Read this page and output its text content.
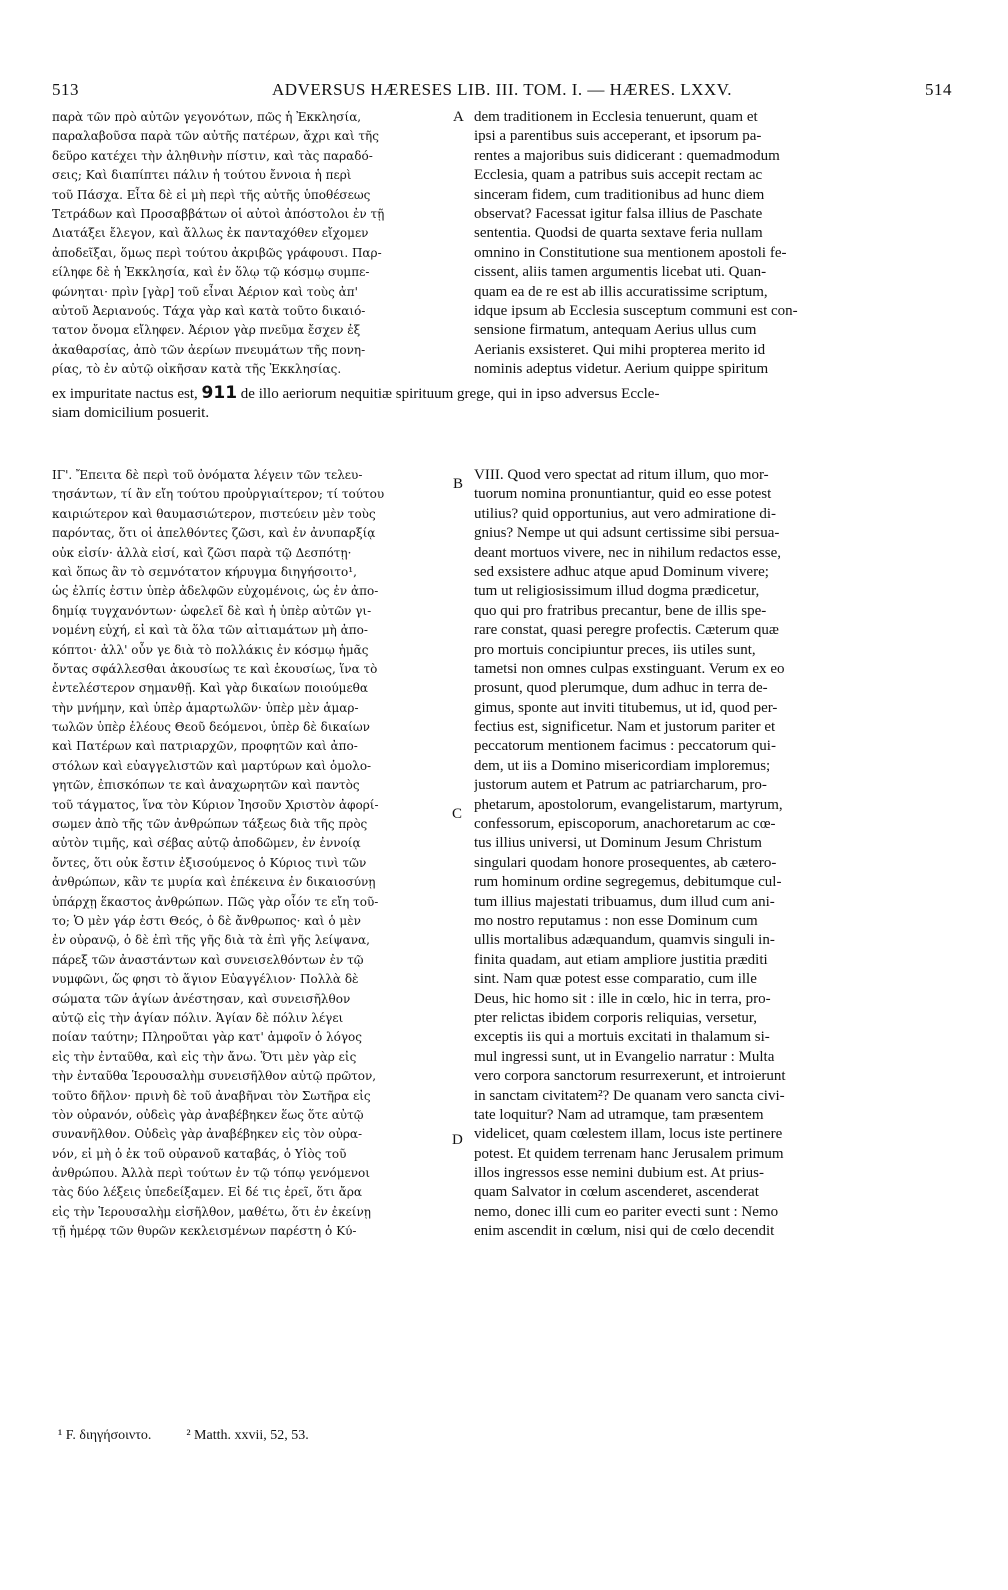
513	ADVERSUS HÆRESES LIB. III. TOM. I. — HÆRES. LXXV.	514
παρὰ τῶν πρὸ αὐτῶν γεγονότων, πῶς ἡ Ἐκκλησία,
παραλαβοῦσα παρὰ τῶν αὐτῆς πατέρων, ἄχρι καὶ τῆς
δεῦρο κατέχει τὴν ἀληθινὴν πίστιν, καὶ τὰς παραδό-
σεις; Καὶ διαπίπτει πάλιν ἡ τούτου ἔννοια ἡ περὶ
τοῦ Πάσχα. Εἶτα δὲ εἰ μὴ περὶ τῆς αὐτῆς ὑποθέσεως
Τετράδων καὶ Προσαββάτων οἱ αὐτοὶ ἀπόστολοι ἐν τῇ
Διατάξει ἔλεγον, καὶ ἄλλως ἐκ πανταχόθεν εἴχομεν
ἀποδεῖξαι, ὅμως περὶ τούτου ἀκριβῶς γράφουσι. Παρ-
είληφε δὲ ἡ Ἐκκλησία, καὶ ἐν ὅλῳ τῷ κόσμῳ συμπε-
φώνηται· πρὶν [γὰρ] τοῦ εἶναι Ἀέριον καὶ τοὺς ἀπ'
αὐτοῦ Ἀεριανούς. Τάχα γὰρ καὶ κατὰ τοῦτο δικαιό-
τατον ὄνομα εἴληφεν. Ἀέριον γὰρ πνεῦμα ἔσχεν ἐξ
ἀκαθαρσίας, ἀπὸ τῶν ἀερίων πνευμάτων τῆς πονη-
ρίας, τὸ ἐν αὐτῷ οἰκῆσαν κατὰ τῆς Ἐκκλησίας.
dem traditionem in Ecclesia tenuerunt, quam et
ipsi a parentibus suis acceperant, et ipsorum pa-
rentes a majoribus suis didicerant : quemadmodum
Ecclesia, quam a patribus suis accepit rectam ac
sinceram fidem, cum traditionibus ad hunc diem
observat? Facessat igitur falsa illius de Paschate
sententia. Quodsi de quarta sextave feria nullam
omnino in Constitutione sua mentionem apostoli fe-
cissent, aliis tamen argumentis licebat uti. Quan-
quam ea de re est ab illis accuratissime scriptum,
idque ipsum ab Ecclesia susceptum communi est con-
sensione firmatum, antequam Aerius ullus cum
Aerianis exsisteret. Qui mihi propterea merito id
nominis adeptus videtur. Aerium quippe spiritum
A
ex impuritate nactus est, 911 de illo aeriorum nequitiæ spirituum grege, qui in ipso adversus Eccle-
siam domicilium posuerit.
B
C
D
ΙΓ'. Ἔπειτα δὲ περὶ τοῦ ὀνόματα λέγειν τῶν τελευ-
τησάντων, τί ἂν εἴη τούτου προὐργιαίτερον; τί τούτου
καιριώτερον καὶ θαυμασιώτερον, πιστεύειν μὲν τοὺς
παρόντας, ὅτι οἱ ἀπελθόντες ζῶσι, καὶ ἐν ἀνυπαρξίᾳ
οὐκ εἰσίν· ἀλλὰ εἰσί, καὶ ζῶσι παρὰ τῷ Δεσπότῃ·
καὶ ὅπως ἂν τὸ σεμνότατον κήρυγμα διηγήσοιτο¹,
ὡς ἐλπίς ἐστιν ὑπὲρ ἀδελφῶν εὐχομένοις, ὡς ἐν ἀπο-
δημίᾳ τυγχανόντων· ὠφελεῖ δὲ καὶ ἡ ὑπὲρ αὐτῶν γι-
νομένη εὐχή, εἰ καὶ τὰ ὅλα τῶν αἰτιαμάτων μὴ ἀπο-
κόπτοι· ἀλλ' οὖν γε διὰ τὸ πολλάκις ἐν κόσμῳ ἡμᾶς
ὄντας σφάλλεσθαι ἀκουσίως τε καὶ ἑκουσίως, ἵνα τὸ
ἐντελέστερον σημανθῇ. Καὶ γὰρ δικαίων ποιούμεθα
τὴν μνήμην, καὶ ὑπὲρ ἁμαρτωλῶν· ὑπὲρ μὲν ἁμαρ-
τωλῶν ὑπὲρ ἐλέους Θεοῦ δεόμενοι, ὑπὲρ δὲ δικαίων
καὶ Πατέρων καὶ πατριαρχῶν, προφητῶν καὶ ἀπο-
στόλων καὶ εὐαγγελιστῶν καὶ μαρτύρων καὶ ὁμολο-
γητῶν, ἐπισκόπων τε καὶ ἀναχωρητῶν καὶ παντὸς
τοῦ τάγματος, ἵνα τὸν Κύριον Ἰησοῦν Χριστὸν ἀφορί-
σωμεν ἀπὸ τῆς τῶν ἀνθρώπων τάξεως διὰ τῆς πρὸς
αὐτὸν τιμῆς, καὶ σέβας αὐτῷ ἀποδῶμεν, ἐν ἐννοίᾳ
ὄντες, ὅτι οὐκ ἔστιν ἐξισούμενος ὁ Κύριος τινὶ τῶν
ἀνθρώπων, κἂν τε μυρία καὶ ἐπέκεινα ἐν δικαιοσύνῃ
ὑπάρχῃ ἕκαστος ἀνθρώπων. Πῶς γὰρ οἷόν τε εἴη τοῦ-
το; Ὁ μὲν γάρ ἐστι Θεός, ὁ δὲ ἄνθρωπος· καὶ ὁ μὲν
ἐν οὐρανῷ, ὁ δὲ ἐπὶ τῆς γῆς διὰ τὰ ἐπὶ γῆς λείψανα,
πάρεξ τῶν ἀναστάντων καὶ συνεισελθόντων ἐν τῷ
νυμφῶνι, ὥς φησι τὸ ἅγιον Εὐαγγέλιον· Πολλὰ δὲ
σώματα τῶν ἁγίων ἀνέστησαν, καὶ συνεισῆλθον
αὐτῷ εἰς τὴν ἁγίαν πόλιν. Ἁγίαν δὲ πόλιν λέγει
ποίαν ταύτην; Πληροῦται γὰρ κατ' ἀμφοῖν ὁ λόγος
εἰς τὴν ἐνταῦθα, καὶ εἰς τὴν ἄνω. Ὅτι μὲν γὰρ εἰς
τὴν ἐνταῦθα Ἱερουσαλὴμ συνεισῆλθον αὐτῷ πρῶτον,
τοῦτο δῆλον· πρινὴ δὲ τοῦ ἀναβῆναι τὸν Σωτῆρα εἰς
τὸν οὐρανόν, οὐδεὶς γὰρ ἀναβέβηκεν ἕως ὅτε αὐτῷ
συνανῆλθον. Οὐδεὶς γὰρ ἀναβέβηκεν εἰς τὸν οὐρα-
νόν, εἰ μὴ ὁ ἐκ τοῦ οὐρανοῦ καταβάς, ὁ Υἱὸς τοῦ
ἀνθρώπου. Ἀλλὰ περὶ τούτων ἐν τῷ τόπῳ γενόμενοι
τὰς δύο λέξεις ὑπεδείξαμεν. Εἰ δέ τις ἐρεῖ, ὅτι ἄρα
εἰς τὴν Ἱερουσαλὴμ εἰσῆλθον, μαθέτω, ὅτι ἐν ἐκείνῃ
τῇ ἡμέρᾳ τῶν θυρῶν κεκλεισμένων παρέστη ὁ Κύ-
VIII. Quod vero spectat ad ritum illum, quo mor-
tuorum nomina pronuntiantur, quid eo esse potest
utilius? quid opportunius, aut vero admiratione di-
gnius? Nempe ut qui adsunt certissime sibi persua-
deant mortuos vivere, nec in nihilum redactos esse,
sed exsistere adhuc atque apud Dominum vivere;
tum ut religiosissimum illud dogma prædicetur,
quo qui pro fratribus precantur, bene de illis spe-
rare constat, quasi peregre profectis. Cæterum quæ
pro mortuis concipiuntur preces, iis utiles sunt,
tametsi non omnes culpas exstinguant. Verum ex eo
prosunt, quod plerumque, dum adhuc in terra de-
gimus, sponte aut inviti titubemus, ut id, quod per-
fectius est, significetur. Nam et justorum pariter et
peccatorum mentionem facimus : peccatorum qui-
dem, ut iis a Domino misericordiam imploremus;
justorum autem et Patrum ac patriarcharum, pro-
phetarum, apostolorum, evangelistarum, martyrum,
confessorum, episcoporum, anachoretarum ac cœ-
tus illius universi, ut Dominum Jesum Christum
singulari quodam honore prosequentes, ab cætero-
rum hominum ordine segregemus, debitumque cul-
tum illius majestati tribuamus, dum illud cum ani-
mo nostro reputamus : non esse Dominum cum
ullis mortalibus adæquandum, quamvis singuli in-
finita quadam, aut etiam ampliore justitia præditi
sint. Nam quæ potest esse comparatio, cum ille
Deus, hic homo sit : ille in cœlo, hic in terra, pro-
pter relictas ibidem corporis reliquias, versetur,
exceptis iis qui a mortuis excitati in thalamum si-
mul ingressi sunt, ut in Evangelio narratur : Multa
vero corpora sanctorum resurrexerunt, et introierunt
in sanctam civitatem²? De quanam vero sancta civi-
tate loquitur? Nam ad utramque, tam præsentem
videlicet, quam cœlestem illam, locus iste pertinere
potest. Et quidem terrenam hanc Jerusalem primum
illos ingressos esse nemini dubium est. At prius-
quam Salvator in cœlum ascenderet, ascenderat
nemo, donec illi cum eo pariter evecti sunt : Nemo
enim ascendit in cœlum, nisi qui de cœlo decendit
¹ F. διηγήσοιντο.	² Matth. xxvii, 52, 53.
